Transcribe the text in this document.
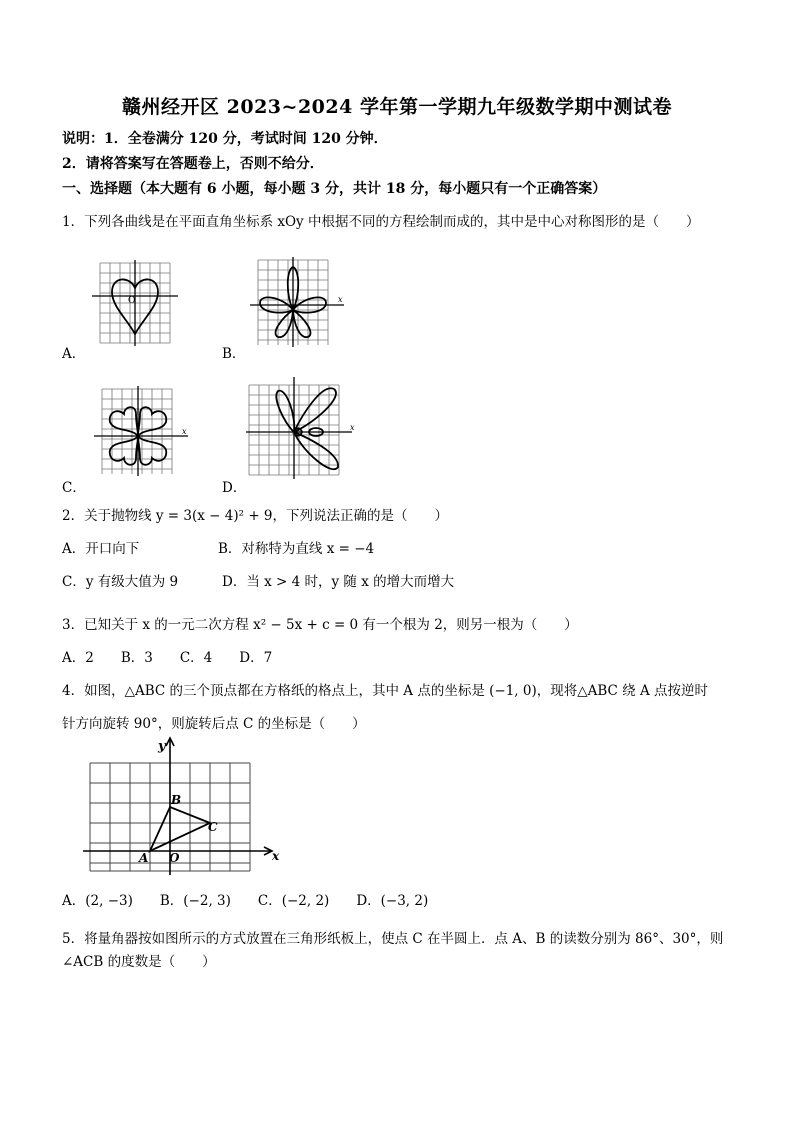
赣州经开区 2023~2024 学年第一学期九年级数学期中测试卷
说明：1．全卷满分 120 分，考试时间 120 分钟．
2．请将答案写在答题卷上，否则不给分．
一、选择题（本大题有 6 小题，每小题 3 分，共计 18 分，每小题只有一个正确答案）
1．下列各曲线是在平面直角坐标系 xOy 中根据不同的方程绘制而成的，其中是中心对称图形的是（　　）
O
A．
x
B．
x
C．
x
D．
2．关于抛物线 y = 3(x − 4)² + 9，下列说法正确的是（　　）
A．开口向下	B．对称特为直线 x = −4
C．y 有级大值为 9	D．当 x > 4 时，y 随 x 的增大而增大
3．已知关于 x 的一元二次方程 x² − 5x + c = 0 有一个根为 2，则另一根为（　　）
A．2　　B．3　　C．4　　D．7
4．如图，△ABC 的三个顶点都在方格纸的格点上，其中 A 点的坐标是 (−1, 0)，现将△ABC 绕 A 点按逆时
针方向旋转 90°，则旋转后点 C 的坐标是（　　）
y
x
A
B
C
O
A．(2, −3)　　B．(−2, 3)　　C．(−2, 2)　　D．(−3, 2)
5．将量角器按如图所示的方式放置在三角形纸板上，使点 C 在半圆上．点 A、B 的读数分别为 86°、30°，则
∠ACB 的度数是（　　）
